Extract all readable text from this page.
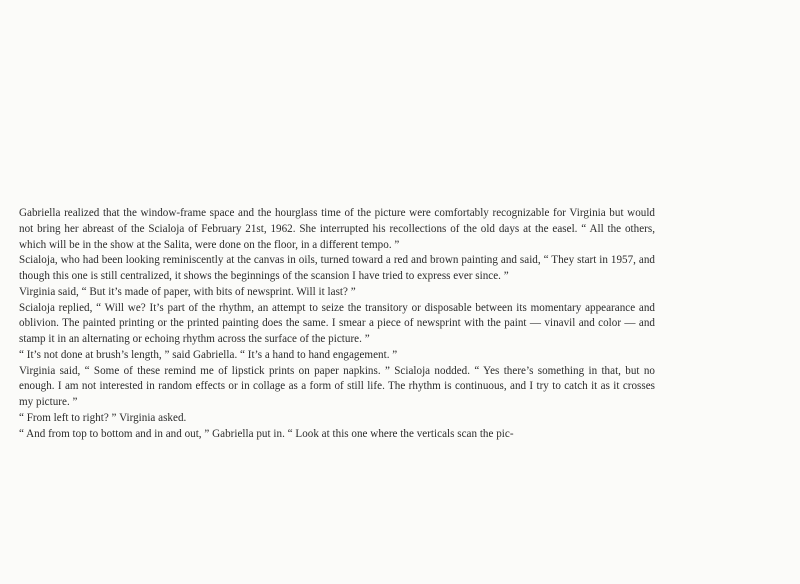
Gabriella realized that the window-frame space and the hourglass time of the picture were comfortably recognizable for Virginia but would not bring her abreast of the Scialoja of February 21st, 1962. She interrupted his recollections of the old days at the easel. “ All the others, which will be in the show at the Salita, were done on the floor, in a different tempo. ”

Scialoja, who had been looking reminiscently at the canvas in oils, turned toward a red and brown painting and said, “ They start in 1957, and though this one is still centralized, it shows the beginnings of the scansion I have tried to express ever since. ”

Virginia said, “ But it’s made of paper, with bits of newsprint. Will it last? ”

Scialoja replied, “ Will we? It’s part of the rhythm, an attempt to seize the transitory or disposable between its momentary appearance and oblivion. The painted printing or the printed painting does the same. I smear a piece of newsprint with the paint — vinavil and color — and stamp it in an alternating or echoing rhythm across the surface of the picture. ”

“ It’s not done at brush’s length, ” said Gabriella. “ It’s a hand to hand engagement. ”

Virginia said, “ Some of these remind me of lipstick prints on paper napkins. ” Scialoja nodded. “ Yes there’s something in that, but no enough. I am not interested in random effects or in collage as a form of still life. The rhythm is continuous, and I try to catch it as it crosses my picture. ”

“ From left to right? ” Virginia asked.

“ And from top to bottom and in and out, ” Gabriella put in. “ Look at this one where the verticals scan the pic-
